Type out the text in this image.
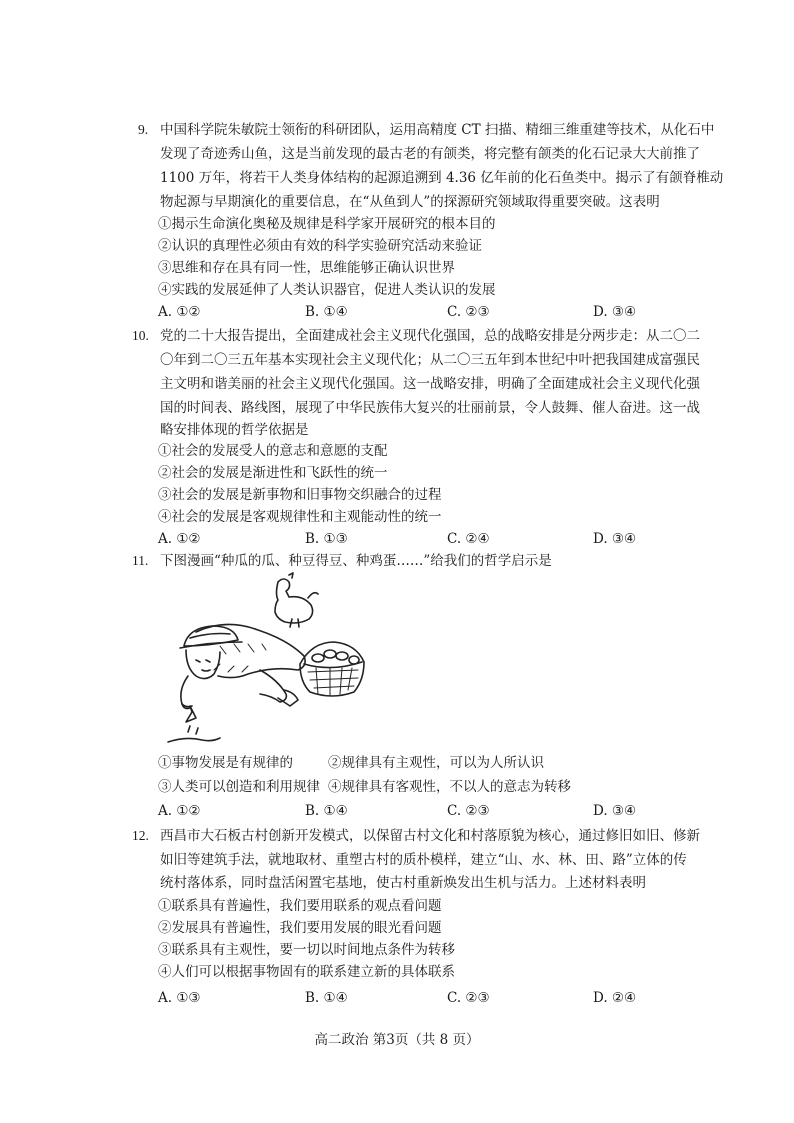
9. 中国科学院朱敏院士领衔的科研团队，运用高精度 CT 扫描、精细三维重建等技术，从化石中
发现了奇迹秀山鱼，这是当前发现的最古老的有颌类，将完整有颌类的化石记录大大前推了
1100 万年，将若干人类身体结构的起源追溯到 4.36 亿年前的化石鱼类中。揭示了有颌脊椎动
物起源与早期演化的重要信息，在“从鱼到人”的探源研究领域取得重要突破。这表明
①揭示生命演化奥秘及规律是科学家开展研究的根本目的
②认识的真理性必须由有效的科学实验研究活动来验证
③思维和存在具有同一性，思维能够正确认识世界
④实践的发展延伸了人类认识器官，促进人类认识的发展
A. ①②	B. ①④	C. ②③	D. ③④
10. 党的二十大报告提出，全面建成社会主义现代化强国，总的战略安排是分两步走：从二〇二
〇年到二〇三五年基本实现社会主义现代化；从二〇三五年到本世纪中叶把我国建成富强民
主文明和谐美丽的社会主义现代化强国。这一战略安排，明确了全面建成社会主义现代化强
国的时间表、路线图，展现了中华民族伟大复兴的壮丽前景，令人鼓舞、催人奋进。这一战
略安排体现的哲学依据是
①社会的发展受人的意志和意愿的支配
②社会的发展是渐进性和飞跃性的统一
③社会的发展是新事物和旧事物交织融合的过程
④社会的发展是客观规律性和主观能动性的统一
A. ①②	B. ①③	C. ②④	D. ③④
11. 下图漫画“种瓜的瓜、种豆得豆、种鸡蛋……”给我们的哲学启示是
①事物发展是有规律的	②规律具有主观性，可以为人所认识
③人类可以创造和利用规律 ④规律具有客观性，不以人的意志为转移
A. ①②	B. ①④	C. ②③	D. ③④
12. 西昌市大石板古村创新开发模式，以保留古村文化和村落原貌为核心，通过修旧如旧、修新
如旧等建筑手法，就地取材、重塑古村的质朴模样，建立“山、水、林、田、路”立体的传
统村落体系，同时盘活闲置宅基地，使古村重新焕发出生机与活力。上述材料表明
①联系具有普遍性，我们要用联系的观点看问题
②发展具有普遍性，我们要用发展的眼光看问题
③联系具有主观性，要一切以时间地点条件为转移
④人们可以根据事物固有的联系建立新的具体联系
A. ①③	B. ①④	C. ②③	D. ②④
高二政治 第3页（共 8 页）
